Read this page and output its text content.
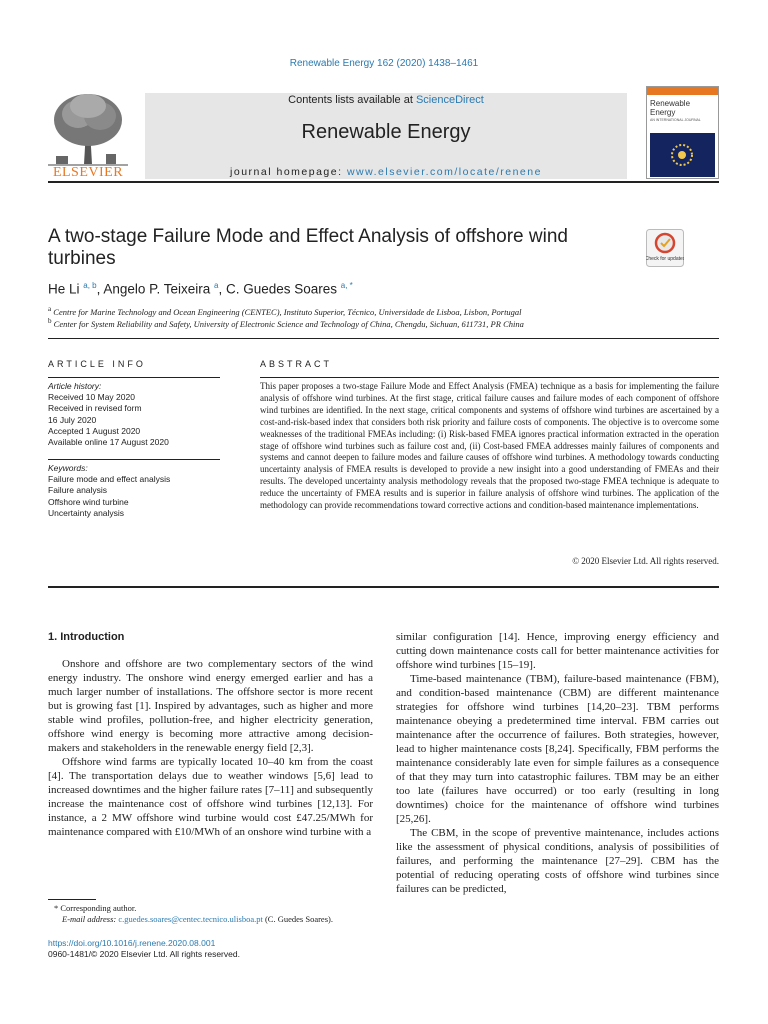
Renewable Energy 162 (2020) 1438–1461
ELSEVIER
Contents lists available at ScienceDirect
Renewable Energy
journal homepage: www.elsevier.com/locate/renene
Renewable Energy
AN INTERNATIONAL JOURNAL
A two-stage Failure Mode and Effect Analysis of offshore wind turbines	Check for updates
He Li $^{a, b}$, Angelo P. Teixeira $^a$, C. Guedes Soares $^{a, *}$
$^a$ Centre for Marine Technology and Ocean Engineering (CENTEC), Instituto Superior, Técnico, Universidade de Lisboa, Lisbon, Portugal
$^b$ Center for System Reliability and Safety, University of Electronic Science and Technology of China, Chengdu, Sichuan, 611731, PR China
ARTICLE INFO
Article history:
Received 10 May 2020
Received in revised form
16 July 2020
Accepted 1 August 2020
Available online 17 August 2020
Keywords:
Failure mode and effect analysis
Failure analysis
Offshore wind turbine
Uncertainty analysis
ABSTRACT
This paper proposes a two-stage Failure Mode and Effect Analysis (FMEA) technique as a basis for implementing the failure analysis of offshore wind turbines. At the first stage, critical failure causes and failure modes of each component of offshore wind turbines are identified. In the next stage, critical components and systems of offshore wind turbines are ascertained by a cost-and-risk-based index that considers both risk priority and failure costs of components. The objective is to overcome some weaknesses of the traditional FMEAs including: (i) Risk-based FMEA ignores practical information extracted in the operation stage of offshore wind turbines such as failure cost and, (ii) Cost-based FMEA addresses mainly failures of components and systems and cannot deepen to failure modes and failure causes of offshore wind turbines. A methodology towards conducting uncertainty analysis of FMEA results is developed to provide a new insight into a good understanding of FMEAs and their results. The developed uncertainty analysis methodology reveals that the proposed two-stage FMEA technique is adequate to reduce the uncertainty of FMEA results and is superior in failure analysis of offshore wind turbines. The application of the methodology can provide recommendations toward corrective actions and condition-based maintenance implementations.
© 2020 Elsevier Ltd. All rights reserved.
1. Introduction

Onshore and offshore are two complementary sectors of the wind energy industry. The onshore wind energy emerged earlier and has a much larger number of installations. The offshore sector is more recent but is growing fast [1]. Inspired by advantages, such as higher and more stable wind profiles, pollution-free, and higher electricity generation, offshore wind energy is becoming more attractive among decision-makers and stakeholders in the renewable energy field [2,3].

Offshore wind farms are typically located 10–40 km from the coast [4]. The transportation delays due to weather windows [5,6] lead to increased downtimes and the higher failure rates [7–11] and subsequently increase the maintenance cost of offshore wind turbines [12,13]. For instance, a 2 MW offshore wind turbine would cost £47.25/MWh for maintenance compared with £10/MWh of an onshore wind turbine with a

similar configuration [14]. Hence, improving energy efficiency and cutting down maintenance costs call for better maintenance activities for offshore wind turbines [15–19].

Time-based maintenance (TBM), failure-based maintenance (FBM), and condition-based maintenance (CBM) are different maintenance strategies for offshore wind turbines [14,20–23]. TBM performs maintenance obeying a predetermined time interval. FBM carries out maintenance after the occurrence of failures. Both strategies, however, lead to higher maintenance costs [8,24]. Specifically, FBM performs the maintenance considerably late even for simple failures as a consequence of that they may turn into catastrophic failures. TBM may be an either too late (failures have occurred) or too early (resulting in long downtimes) choice for the maintenance of offshore wind turbines [25,26].

The CBM, in the scope of preventive maintenance, includes actions like the assessment of physical conditions, analysis of possibilities of failures, and performing the maintenance [27–29]. CBM has the potential of reducing operating costs of offshore wind turbines since failures can be predicted,

* Corresponding author.
E-mail address: c.guedes.soares@centec.tecnico.ulisboa.pt (C. Guedes Soares).
https://doi.org/10.1016/j.renene.2020.08.001
0960-1481/© 2020 Elsevier Ltd. All rights reserved.
